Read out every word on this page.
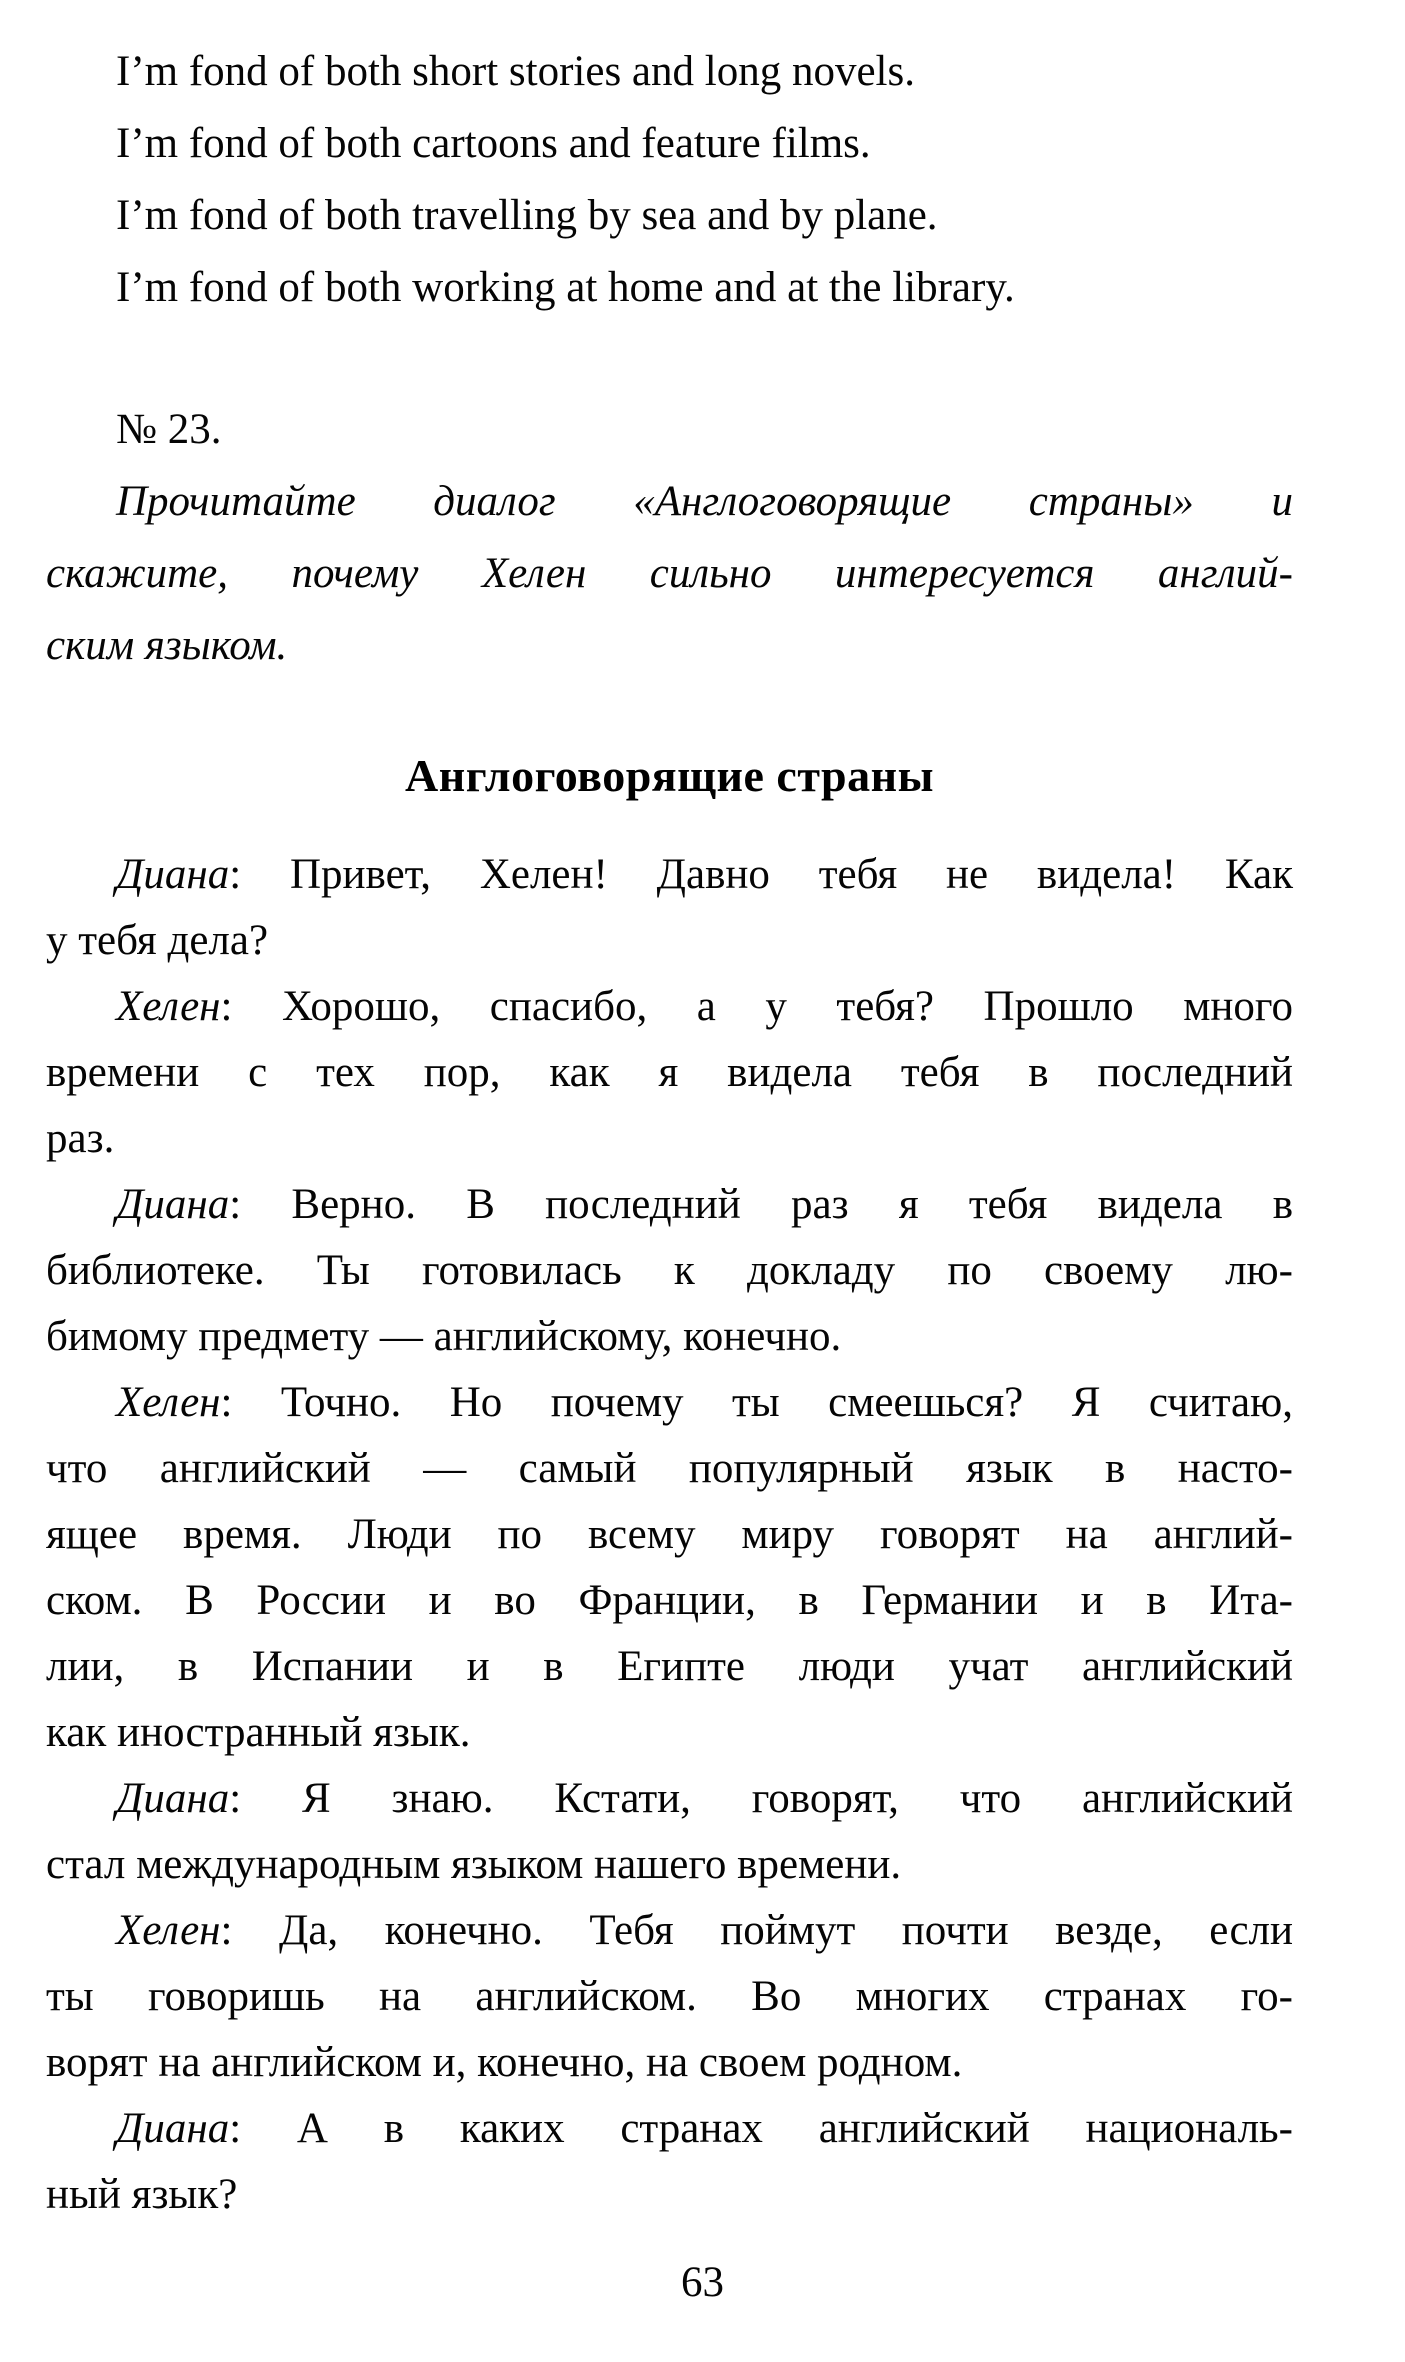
I’m fond of both short stories and long novels.
I’m fond of both cartoons and feature films.
I’m fond of both travelling by sea and by plane.
I’m fond of both working at home and at the library.
№ 23.
Прочитайте диалог «Англоговорящие страны» и
скажите, почему Хелен сильно интересуется англий-
ским языком.
Англоговорящие страны
Диана: Привет, Хелен! Давно тебя не видела! Как
у тебя дела?
Хелен: Хорошо, спасибо, а у тебя? Прошло много
времени с тех пор, как я видела тебя в последний
раз.
Диана: Верно. В последний раз я тебя видела в
библиотеке. Ты готовилась к докладу по своему лю-
бимому предмету — английскому, конечно.
Хелен: Точно. Но почему ты смеешься? Я считаю,
что английский — самый популярный язык в насто-
ящее время. Люди по всему миру говорят на англий-
ском. В России и во Франции, в Германии и в Ита-
лии, в Испании и в Египте люди учат английский
как иностранный язык.
Диана: Я знаю. Кстати, говорят, что английский
стал международным языком нашего времени.
Хелен: Да, конечно. Тебя поймут почти везде, если
ты говоришь на английском. Во многих странах го-
ворят на английском и, конечно, на своем родном.
Диана: А в каких странах английский националь-
ный язык?
63
